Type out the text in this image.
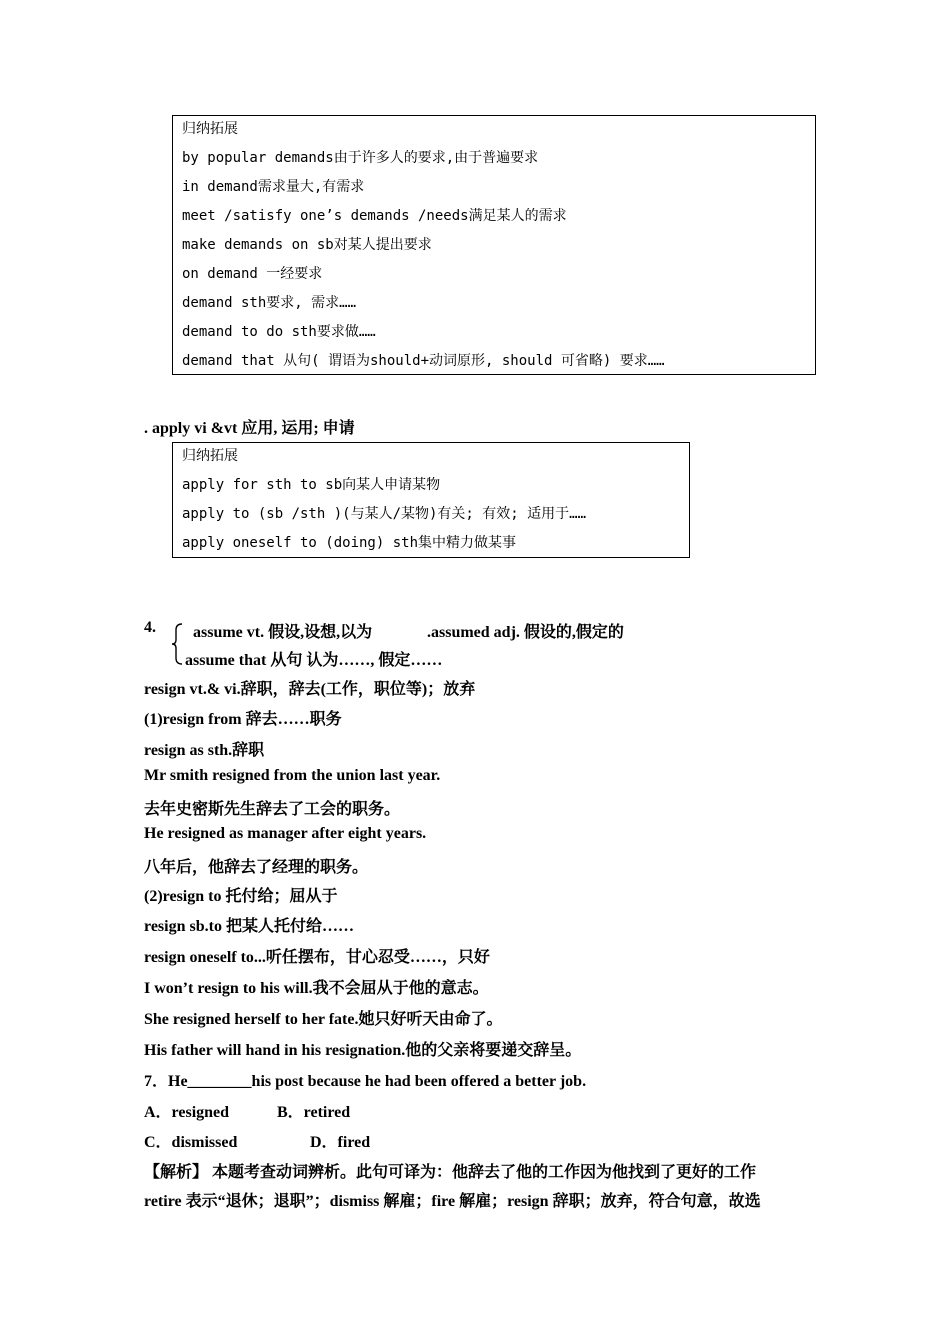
归纳拓展
by popular demands由于许多人的要求,由于普遍要求
in demand需求量大,有需求
meet /satisfy one’s demands /needs满足某人的需求
make demands on sb对某人提出要求
on demand 一经要求
demand sth要求, 需求……
demand to do sth要求做……
demand that 从句( 谓语为should+动词原形, should 可省略) 要求……
. apply vi &vt 应用, 运用; 申请
归纳拓展
apply for sth to sb向某人申请某物
apply to (sb /sth )(与某人/某物)有关; 有效; 适用于……
apply oneself to (doing) sth集中精力做某事
4. assume vt. 假设,设想,以为	.assumed adj. 假设的,假定的
assume that 从句 认为……, 假定……
resign vt.& vi.辞职，辞去(工作，职位等)；放弃
(1)resign from 辞去……职务
resign as sth.辞职
Mr smith resigned from the union last year.
去年史密斯先生辞去了工会的职务。
He resigned as manager after eight years.
八年后，他辞去了经理的职务。
(2)resign to 托付给；屈从于
resign sb.to 把某人托付给……
resign oneself to...听任摆布，甘心忍受……，只好
I won’t resign to his will.我不会屈从于他的意志。
She resigned herself to her fate.她只好听天由命了。
His father will hand in his resignation.他的父亲将要递交辞呈。
7．He________his post because he had been offered a better job.
A．resigned	B．retired
C．dismissed	D．fired
【解析】 本题考查动词辨析。此句可译为：他辞去了他的工作因为他找到了更好的工作
retire 表示“退休；退职”；dismiss 解雇；fire 解雇；resign 辞职；放弃，符合句意，故选
